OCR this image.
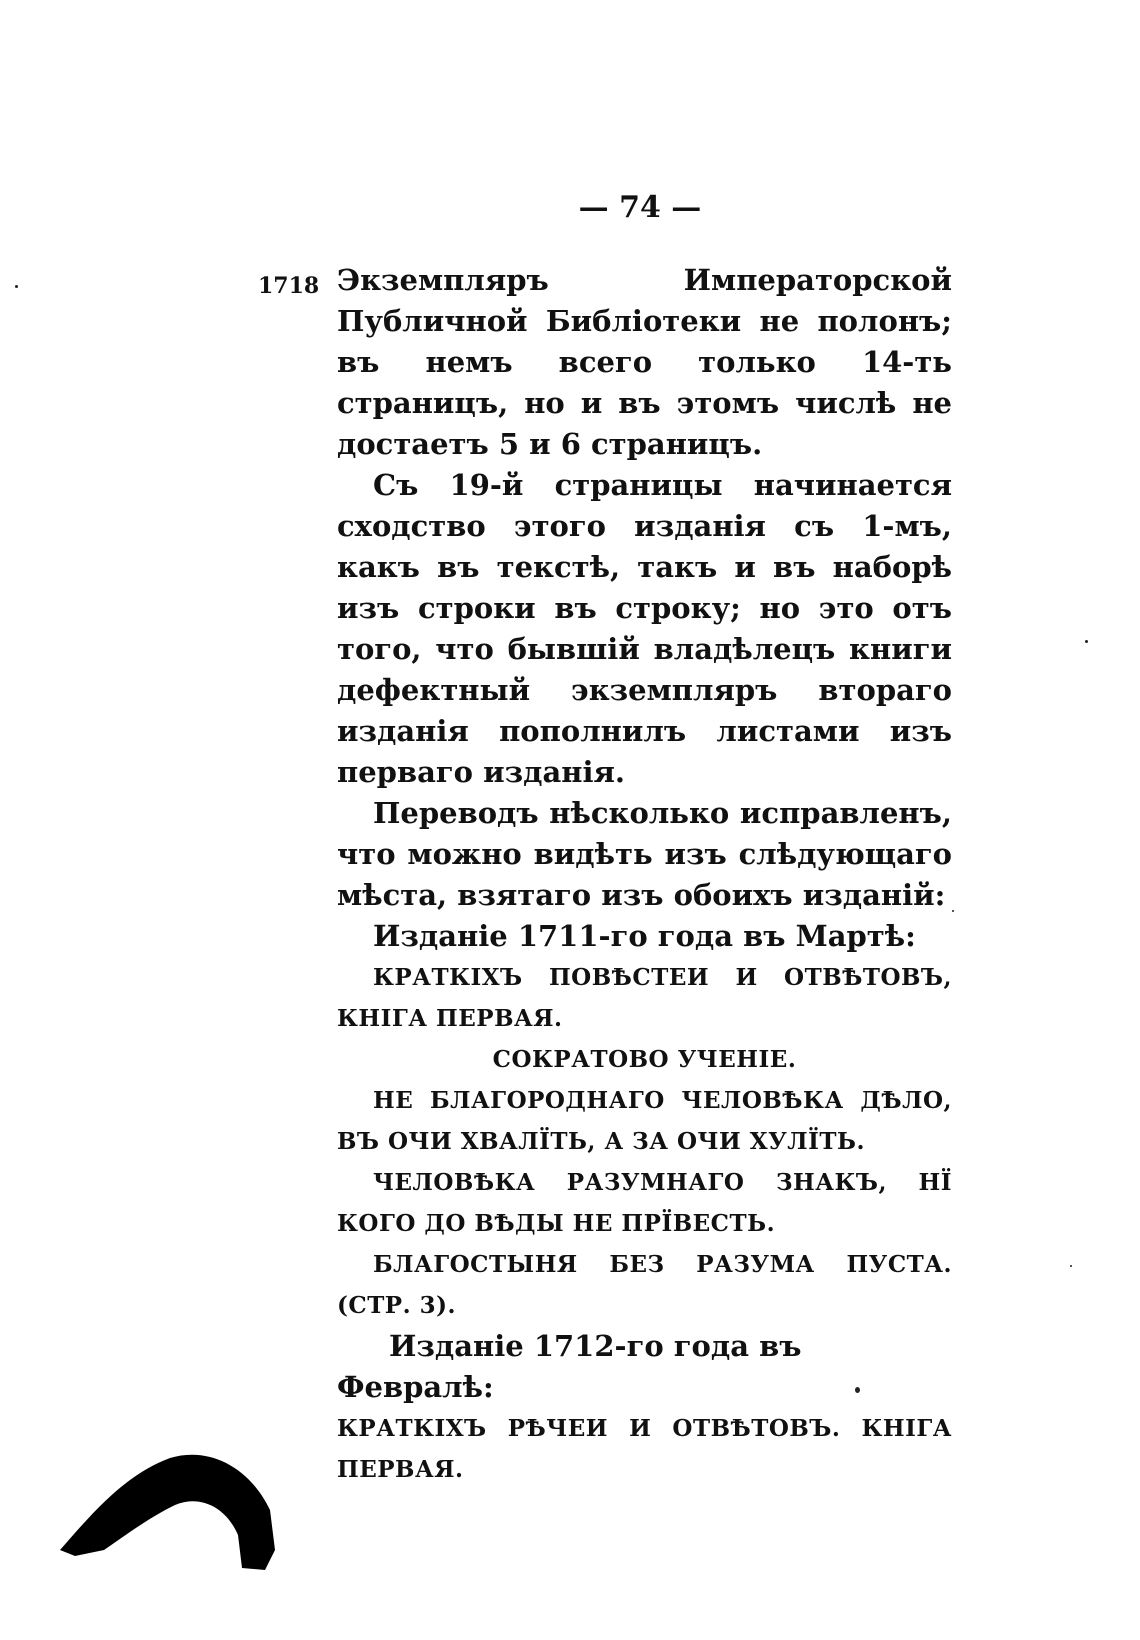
— 74 —
1718 Экземпляръ Императорской Публичной Библіотеки не полонъ; въ немъ всего только 14-ть страницъ, но и въ этомъ числѣ не достаетъ 5 и 6 страницъ.

Съ 19-й страницы начинается сходство этого изданія съ 1-мъ, какъ въ текстѣ, такъ и въ наборѣ изъ строки въ строку; но это отъ того, что бывшій владѣлецъ книги дефектный экземпляръ втораго изданія пополнилъ листами изъ перваго изданія.

Переводъ нѣсколько исправленъ, что можно видѣть изъ слѣдующаго мѣста, взятаго изъ обоихъ изданій:

Изданіе 1711-го года въ Мартѣ:

КРАТКІХЪ ПОВѢСТЕИ И ОТВѢТОВЪ, КНІГА ПЕРВАЯ.

СОКРАТОВО УЧЕНІЕ.

НЕ БЛАГОРОДНАГО ЧЕЛОВѢКА ДѢЛО, ВЪ ОЧИ ХВАЛЇТЬ, А ЗА ОЧИ ХУЛЇТЬ.

ЧЕЛОВѢКА РАЗУМНАГО ЗНАКЪ, НЇ КОГО ДО ВѢДЫ НЕ ПРЇВЕСТЬ.

БЛАГОСТЫНЯ БЕЗ РАЗУМА ПУСТА. (СТР. 3).

Изданіе 1712-го года въ Февралѣ:

КРАТКІХЪ РѢЧЕИ И ОТВѢТОВЪ. КНІГА ПЕРВАЯ.
